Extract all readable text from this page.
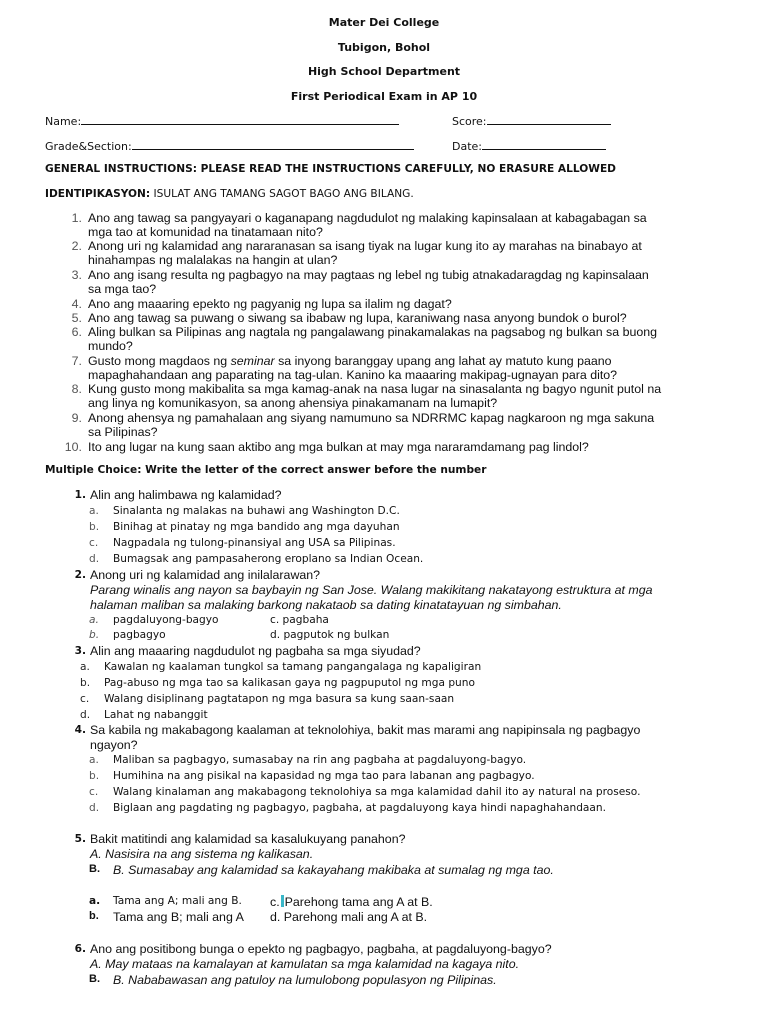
Mater Dei College
Tubigon, Bohol
High School Department
First Periodical Exam in AP 10
Name:	Score:
Grade&Section:	Date:
GENERAL INSTRUCTIONS: PLEASE READ THE INSTRUCTIONS CAREFULLY, NO ERASURE ALLOWED
IDENTIPIKASYON: ISULAT ANG TAMANG SAGOT BAGO ANG BILANG.
1. Ano ang tawag sa pangyayari o kaganapang nagdudulot ng malaking kapinsalaan at kabagabagan sa
mga tao at komunidad na tinatamaan nito?
2. Anong uri ng kalamidad ang nararanasan sa isang tiyak na lugar kung ito ay marahas na binabayo at
hinahampas ng malalakas na hangin at ulan?
3. Ano ang isang resulta ng pagbagyo na may pagtaas ng lebel ng tubig atnakadaragdag ng kapinsalaan
sa mga tao?
4. Ano ang maaaring epekto ng pagyanig ng lupa sa ilalim ng dagat?
5. Ano ang tawag sa puwang o siwang sa ibabaw ng lupa, karaniwang nasa anyong bundok o burol?
6. Aling bulkan sa Pilipinas ang nagtala ng pangalawang pinakamalakas na pagsabog ng bulkan sa buong
mundo?
7. Gusto mong magdaos ng seminar sa inyong baranggay upang ang lahat ay matuto kung paano
mapaghahandaan ang paparating na tag-ulan. Kanino ka maaaring makipag-ugnayan para dito?
8. Kung gusto mong makibalita sa mga kamag-anak na nasa lugar na sinasalanta ng bagyo ngunit putol na
ang linya ng komunikasyon, sa anong ahensiya pinakamanam na lumapit?
9. Anong ahensya ng pamahalaan ang siyang namumuno sa NDRRMC kapag nagkaroon ng mga sakuna
sa Pilipinas?
10. Ito ang lugar na kung saan aktibo ang mga bulkan at may mga nararamdamang pag lindol?
Multiple Choice: Write the letter of the correct answer before the number
1. Alin ang halimbawa ng kalamidad?
a.	Sinalanta ng malakas na buhawi ang Washington D.C.
b.	Binihag at pinatay ng mga bandido ang mga dayuhan
c.	Nagpadala ng tulong-pinansiyal ang USA sa Pilipinas.
d.	Bumagsak ang pampasaherong eroplano sa Indian Ocean.
2. Anong uri ng kalamidad ang inilalarawan?
Parang winalis ang nayon sa baybayin ng San Jose. Walang makikitang nakatayong estruktura at mga
halaman maliban sa malaking barkong nakataob sa dating kinatatayuan ng simbahan.
a.	pagdaluyong-bagyo	c. pagbaha
b.	pagbagyo	d. pagputok ng bulkan
3. Alin ang maaaring nagdudulot ng pagbaha sa mga siyudad?
a.	Kawalan ng kaalaman tungkol sa tamang pangangalaga ng kapaligiran
b.	Pag-abuso ng mga tao sa kalikasan gaya ng pagpuputol ng mga puno
c.	Walang disiplinang pagtatapon ng mga basura sa kung saan-saan
d.	Lahat ng nabanggit
4. Sa kabila ng makabagong kaalaman at teknolohiya, bakit mas marami ang napipinsala ng pagbagyo
ngayon?
a.	Maliban sa pagbagyo, sumasabay na rin ang pagbaha at pagdaluyong-bagyo.
b.	Humihina na ang pisikal na kapasidad ng mga tao para labanan ang pagbagyo.
c.	Walang kinalaman ang makabagong teknolohiya sa mga kalamidad dahil ito ay natural na proseso.
d.	Biglaan ang pagdating ng pagbagyo, pagbaha, at pagdaluyong kaya hindi napaghahandaan.
5. Bakit matitindi ang kalamidad sa kasalukuyang panahon?
A. Nasisira na ang sistema ng kalikasan.
B. B. Sumasabay ang kalamidad sa kakayahang makibaka at sumalag ng mga tao.
a. Tama ang A; mali ang B. c. Parehong tama ang A at B.
b.	Tama ang B; mali ang A d. Parehong mali ang A at B.
6. Ano ang positibong bunga o epekto ng pagbagyo, pagbaha, at pagdaluyong-bagyo?
A. May mataas na kamalayan at kamulatan sa mga kalamidad na kagaya nito.
B. B. Nababawasan ang patuloy na lumulobong populasyon ng Pilipinas.
